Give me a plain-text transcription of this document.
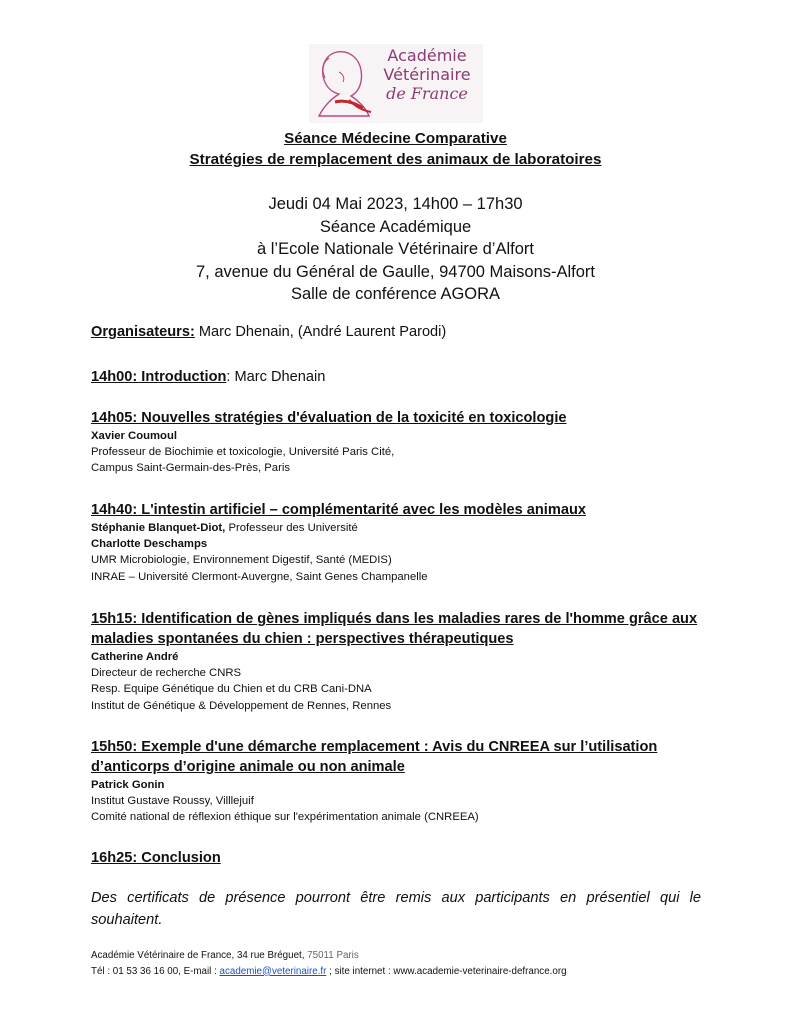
Académie
Vétérinaire
de France
Séance Médecine Comparative
Stratégies de remplacement des animaux de laboratoires
Jeudi 04 Mai 2023, 14h00 – 17h30
Séance Académique
à l’Ecole Nationale Vétérinaire d’Alfort
7, avenue du Général de Gaulle, 94700 Maisons-Alfort
Salle de conférence AGORA
Organisateurs: Marc Dhenain, (André Laurent Parodi)
14h00: Introduction: Marc Dhenain
14h05: Nouvelles stratégies d'évaluation de la toxicité en toxicologie
Xavier Coumoul
Professeur de Biochimie et toxicologie, Université Paris Cité,
Campus Saint-Germain-des-Près, Paris
14h40: L'intestin artificiel – complémentarité avec les modèles animaux
Stéphanie Blanquet-Diot, Professeur des Université
Charlotte Deschamps
UMR Microbiologie, Environnement Digestif, Santé (MEDIS)
INRAE – Université Clermont-Auvergne, Saint Genes Champanelle
15h15: Identification de gènes impliqués dans les maladies rares de l'homme grâce aux
maladies spontanées du chien : perspectives thérapeutiques
Catherine André
Directeur de recherche CNRS
Resp. Equipe Génétique du Chien et du CRB Cani-DNA
Institut de Génétique & Développement de Rennes, Rennes
15h50: Exemple d'une démarche remplacement : Avis du CNREEA sur l’utilisation
d’anticorps d’origine animale ou non animale
Patrick Gonin
Institut Gustave Roussy, Villlejuif
Comité national de réflexion éthique sur l'expérimentation animale (CNREEA)
16h25: Conclusion
Des certificats de présence pourront être remis aux participants en présentiel qui le souhaitent.
Académie Vétérinaire de France, 34 rue Bréguet, 75011 Paris
Tél : 01 53 36 16 00, E-mail : academie@veterinaire.fr ; site internet : www.academie-veterinaire-defrance.org
